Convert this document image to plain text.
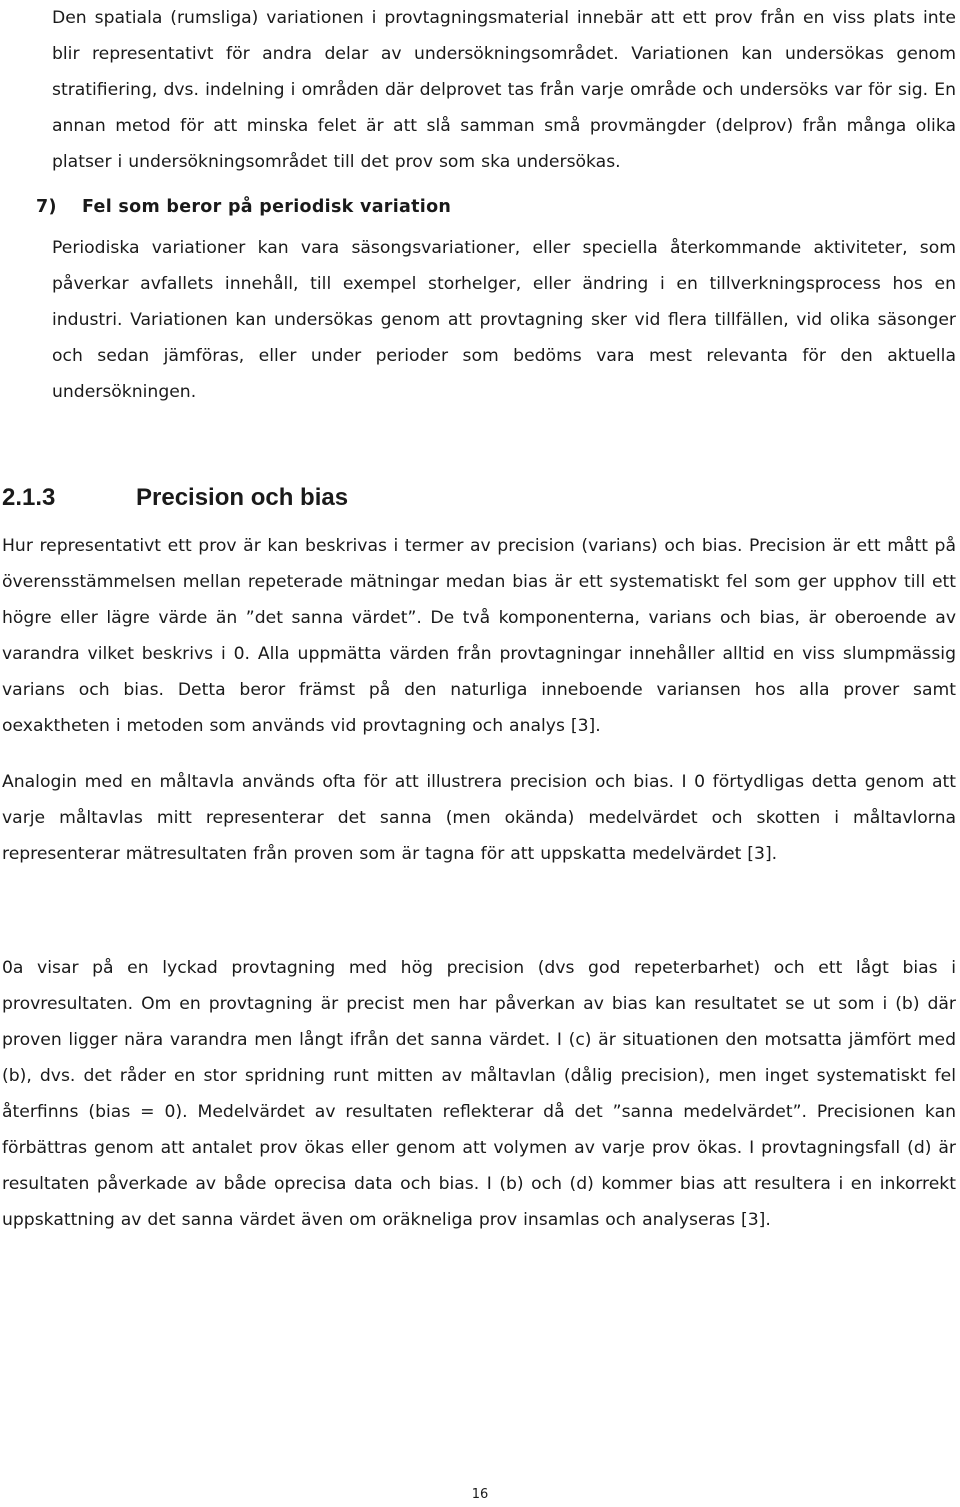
Den spatiala (rumsliga) variationen i provtagningsmaterial innebär att ett prov från en viss plats inte blir representativt för andra delar av undersökningsområdet. Variationen kan undersökas genom stratifiering, dvs. indelning i områden där delprovet tas från varje område och undersöks var för sig. En annan metod för att minska felet är att slå samman små provmängder (delprov) från många olika platser i undersökningsområdet till det prov som ska undersökas.

7) Fel som beror på periodisk variation

Periodiska variationer kan vara säsongsvariationer, eller speciella återkommande aktiviteter, som påverkar avfallets innehåll, till exempel storhelger, eller ändring i en tillverkningsprocess hos en industri. Variationen kan undersökas genom att provtagning sker vid flera tillfällen, vid olika säsonger och sedan jämföras, eller under perioder som bedöms vara mest relevanta för den aktuella undersökningen.

2.1.3	Precision och bias

Hur representativt ett prov är kan beskrivas i termer av precision (varians) och bias. Precision är ett mått på överensstämmelsen mellan repeterade mätningar medan bias är ett systematiskt fel som ger upphov till ett högre eller lägre värde än ”det sanna värdet”. De två komponenterna, varians och bias, är oberoende av varandra vilket beskrivs i 0. Alla uppmätta värden från provtagningar innehåller alltid en viss slumpmässig varians och bias. Detta beror främst på den naturliga inneboende variansen hos alla prover samt oexaktheten i metoden som används vid provtagning och analys [3].

Analogin med en måltavla används ofta för att illustrera precision och bias. I 0 förtydligas detta genom att varje måltavlas mitt representerar det sanna (men okända) medelvärdet och skotten i måltavlorna representerar mätresultaten från proven som är tagna för att uppskatta medelvärdet [3].

0a visar på en lyckad provtagning med hög precision (dvs god repeterbarhet) och ett lågt bias i provresultaten. Om en provtagning är precist men har påverkan av bias kan resultatet se ut som i (b) där proven ligger nära varandra men långt ifrån det sanna värdet. I (c) är situationen den motsatta jämfört med (b), dvs. det råder en stor spridning runt mitten av måltavlan (dålig precision), men inget systematiskt fel återfinns (bias = 0). Medelvärdet av resultaten reflekterar då det ”sanna medelvärdet”. Precisionen kan förbättras genom att antalet prov ökas eller genom att volymen av varje prov ökas. I provtagningsfall (d) är resultaten påverkade av både oprecisa data och bias. I (b) och (d) kommer bias att resultera i en inkorrekt uppskattning av det sanna värdet även om oräkneliga prov insamlas och analyseras [3].

16
